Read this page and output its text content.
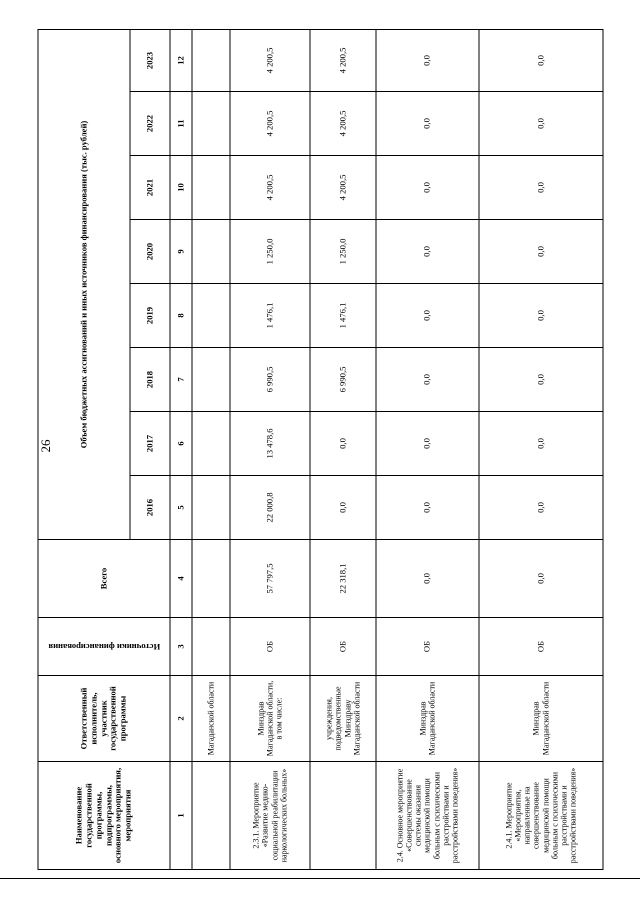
26
Наименование государственной программы, подпрограммы, основного мероприятия, мероприятия	Ответственный исполнитель, участник государственной программы	Источники финансирования	Всего	Объем бюджетных ассигнований и иных источников финансирования (тыс. рублей)							
				2016	2017	2018	2019	2020	2021	2022	2023
1	2	3	4	5	6	7	8	9	10	11	12
	Магаданской области										
2.3.1. Мероприятие «Развитие медико-социальной реабилитации наркологических больных»	Минздрав Магаданской области, в том числе:	ОБ	57 797,5	22 000,8	13 478,6	6 990,5	1 476,1	1 250,0	4 200,5	4 200,5	4 200,5
	учреждения, подведомственные Минздраву Магаданской области	ОБ	22 318,1	0,0	0,0	6 990,5	1 476,1	1 250,0	4 200,5	4 200,5	4 200,5
2.4. Основное мероприятие «Совершенствование системы оказания медицинской помощи больным с психическими расстройствами и расстройствами поведения»	Минздрав Магаданской области	ОБ	0,0	0,0	0,0	0,0	0,0	0,0	0,0	0,0	0,0
2.4.1. Мероприятие «Мероприятия, направленные на совершенствование медицинской помощи больным с психическими расстройствами и расстройствами поведения»	Минздрав Магаданской области	ОБ	0,0	0,0	0,0	0,0	0,0	0,0	0,0	0,0	0,0
